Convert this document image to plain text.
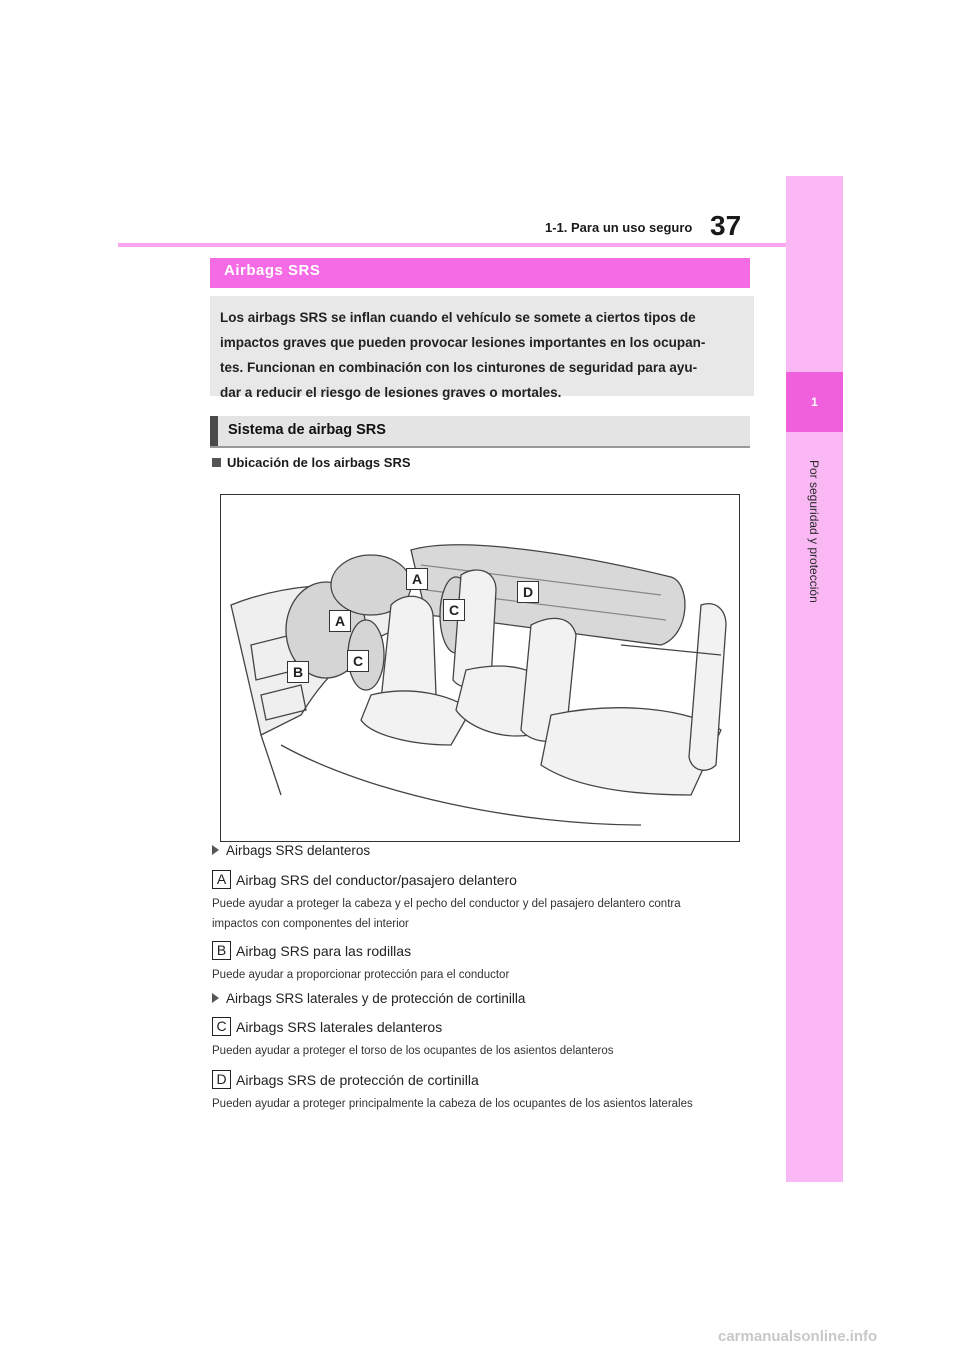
1
Por seguridad y protección
37
1-1. Para un uso seguro
Airbags SRS
Los airbags SRS se inflan cuando el vehículo se somete a ciertos tipos de
impactos graves que pueden provocar lesiones importantes en los ocupan-
tes. Funcionan en combinación con los cinturones de seguridad para ayu-
dar a reducir el riesgo de lesiones graves o mortales.
Sistema de airbag SRS
Ubicación de los airbags SRS
A
A
B
C
C
D
Airbags SRS delanteros
A Airbag SRS del conductor/pasajero delantero
Puede ayudar a proteger la cabeza y el pecho del conductor y del pasajero delantero contra
impactos con componentes del interior
B Airbag SRS para las rodillas
Puede ayudar a proporcionar protección para el conductor
Airbags SRS laterales y de protección de cortinilla
C Airbags SRS laterales delanteros
Pueden ayudar a proteger el torso de los ocupantes de los asientos delanteros
D Airbags SRS de protección de cortinilla
Pueden ayudar a proteger principalmente la cabeza de los ocupantes de los asientos laterales
carmanualsonline.info
